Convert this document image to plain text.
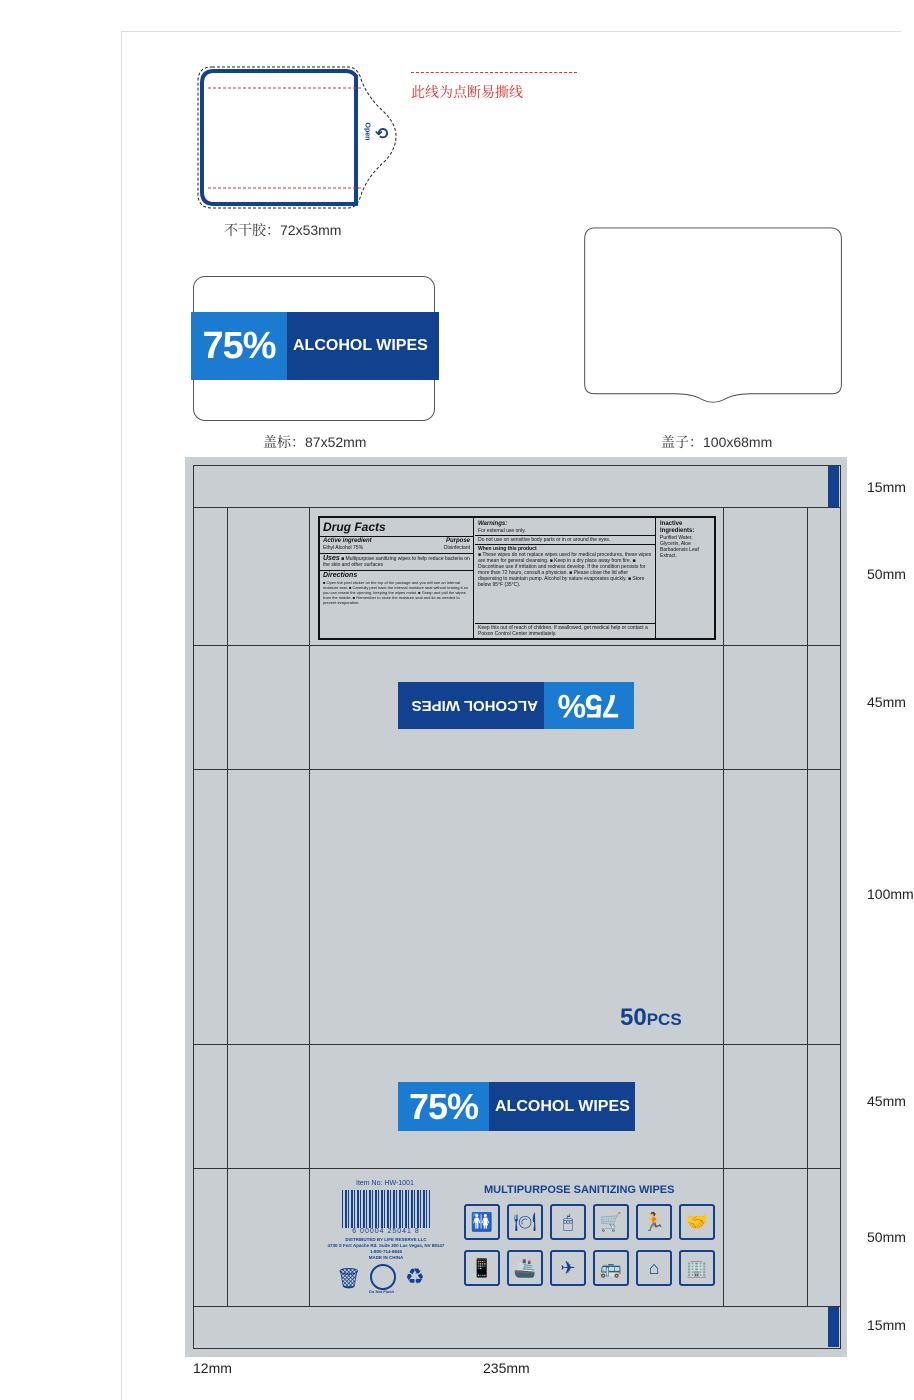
⟲
Open
此线为点断易撕线
不干胶：72x53mm
75%	ALCOHOL WIPES
盖标：87x52mm	盖子：100x68mm
Drug Facts
Active ingredient	Purpose
Ethyl Alcohol 75%	Disinfectant
Uses ■ Multipurpose sanitizing wipes to help reduce bacteria on the skin and other surfaces
Directions
■ Open the peel sticker on the top of the package and you will see an internal moisture seal. ■ Carefully peel back the internal moisture seal without tearing it so you can reseal the opening, keeping the wipes moist. ■ Grasp and pull the wipes from the middle. ■ Remember to close the moisture seal and lid as needed to prevent evaporation.
Warnings:
For external use only.
Do not use on sensitive body parts or in or around the eyes.
When using this product
■ These wipes do not replace wipes used for medical procedures, these wipes are mean for general cleansing. ■ Keep in a dry place away from fire. ■ Discontinue use if irritation and redness develop. If the condition persists for more than 72 hours, consult a physician. ■ Please close the lid after dispensing to maintain pump. Alcohol by nature evaporates quickly. ■ Store below 95°F (35°C).
Keep this out of reach of children. If swallowed, get medical help or contact a Poison Control Center immediately.
Inactive Ingredients:
Purified Water, Glycerin, Aloe Barbadensis Leaf Extract.
75%
ALCOHOL WIPES
50PCS
75%	ALCOHOL WIPES
Item No: HW-1001
6 00004 25041 8
DISTRIBUTED BY LIFE RESERVE LLC
4730 S Fort Apache Rd. Suite 300 Las Vegas, NV 89147
1-800-714-6845
MADE IN CHINA
🗑
Do Not Flush
♻
MULTIPURPOSE SANITIZING WIPES
🚻	🍽	🖱	🛒	🏃	🤝
📱	🚢	✈	🚌	⌂	🏢
15mm
50mm
45mm
100mm
45mm
50mm
15mm
12mm	235mm
